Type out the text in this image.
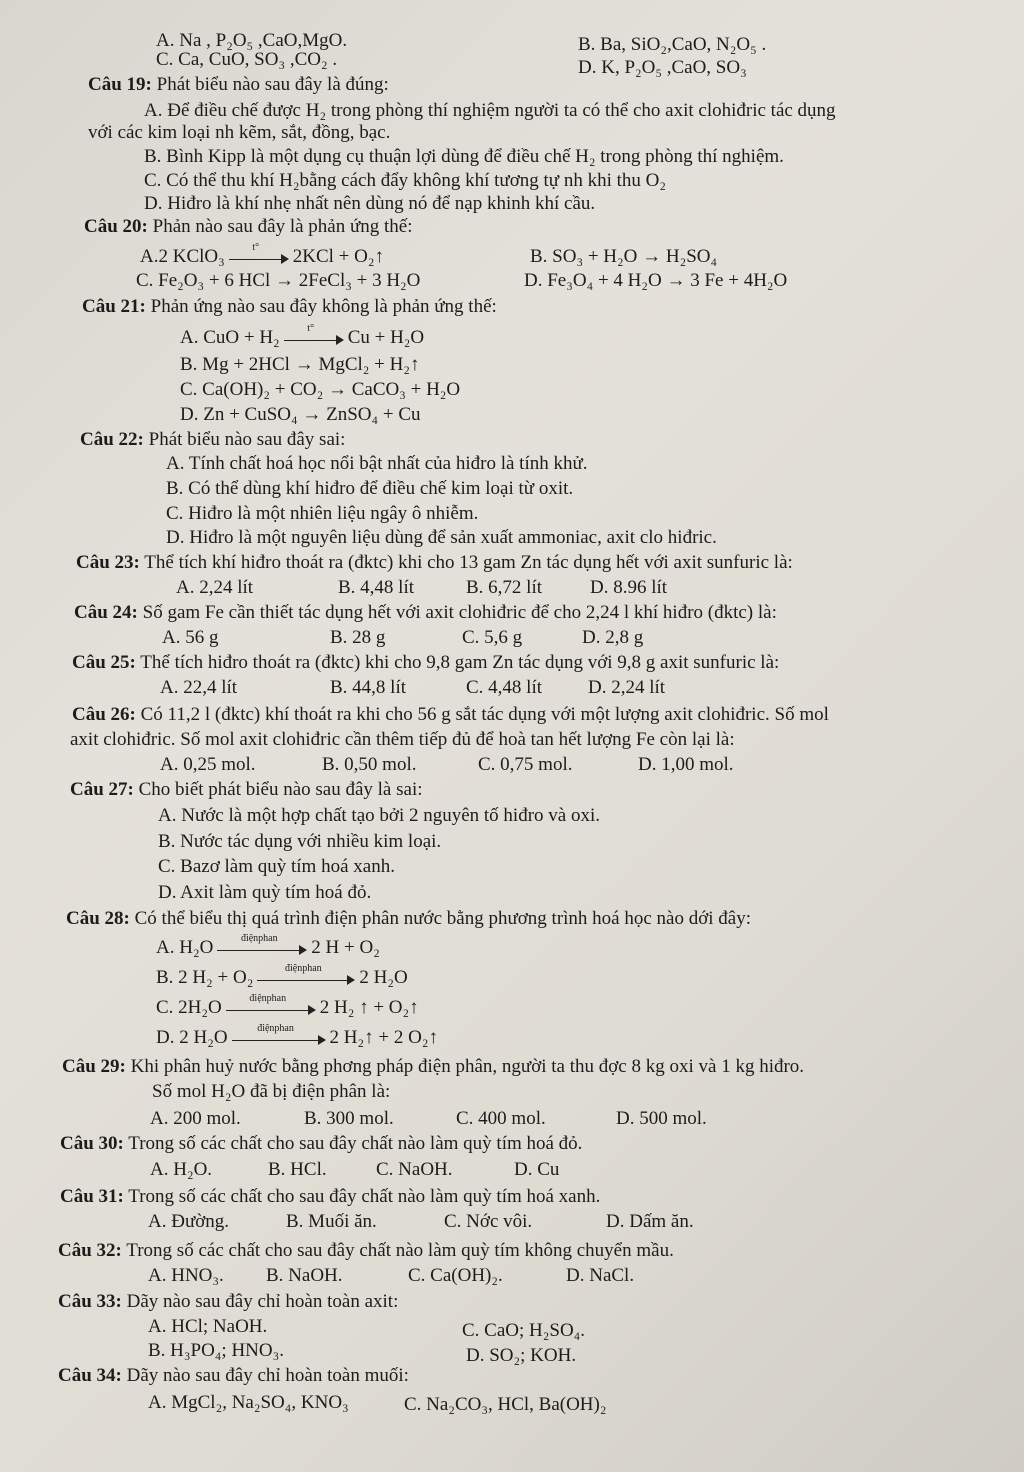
A. Na , P₂O₅ ,CaO,MgO.	B. Ba, SiO₂,CaO, N₂O₅ .
C. Ca, CuO, SO₃ ,CO₂ .	D. K, P₂O₅ ,CaO, SO₃
Câu 19: Phát biểu nào sau đây là đúng:
A. Để điều chế được H₂ trong phòng thí nghiệm người ta có thể cho axit clohiđric tác dụng
với các kim loại nh kẽm, sắt, đồng, bạc.
B. Bình Kipp là một dụng cụ thuận lợi dùng để điều chế H₂ trong phòng thí nghiệm.
C. Có thể thu khí H₂bằng cách đẩy không khí tương tự nh khi thu O₂
D. Hiđro là khí nhẹ nhất nên dùng nó để nạp khinh khí cầu.
Câu 20: Phản nào sau đây là phản ứng thế:
A.2 KClO₃	t°	2KCl + O₂↑	B. SO₃ + H₂O → H₂SO₄
C. Fe₂O₃ + 6 HCl → 2FeCl₃ + 3 H₂O	D. Fe₃O₄ + 4 H₂O → 3 Fe + 4H₂O
Câu 21: Phản ứng nào sau đây không là phản ứng thế:
A. CuO + H₂	t°	Cu + H₂O
B. Mg + 2HCl → MgCl₂ + H₂↑
C. Ca(OH)₂ + CO₂ → CaCO₃ + H₂O
D. Zn + CuSO₄ → ZnSO₄ + Cu
Câu 22: Phát biểu nào sau đây sai:
A. Tính chất hoá học nổi bật nhất của hiđro là tính khử.
B. Có thể dùng khí hiđro để điều chế kim loại từ oxit.
C. Hiđro là một nhiên liệu ngây ô nhiễm.
D. Hiđro là một nguyên liệu dùng để sản xuất ammoniac, axit clo hiđric.
Câu 23: Thể tích khí hiđro thoát ra (đktc) khi cho 13 gam Zn tác dụng hết với axit sunfuric là:
A. 2,24 lít	B. 4,48 lít	B. 6,72 lít	D. 8.96 lít
Câu 24: Số gam Fe cần thiết tác dụng hết với axit clohiđric để cho 2,24 l khí hiđro (đktc) là:
A. 56 g	B. 28 g	C. 5,6 g	D. 2,8 g
Câu 25: Thể tích hiđro thoát ra (đktc) khi cho 9,8 gam Zn tác dụng với 9,8 g axit sunfuric là:
A. 22,4 lít	B. 44,8 lít	C. 4,48 lít D. 2,24 lít
Câu 26: Có 11,2 l (đktc) khí thoát ra khi cho 56 g sắt tác dụng với một lượng axit clohiđric. Số mol
axit clohiđric. Số mol axit clohiđric cần thêm tiếp đủ để hoà tan hết lượng Fe còn lại là:
A. 0,25 mol.	B. 0,50 mol.	C. 0,75 mol.	D. 1,00 mol.
Câu 27: Cho biết phát biểu nào sau đây là sai:
A. Nước là một hợp chất tạo bởi 2 nguyên tố hiđro và oxi.
B. Nước tác dụng với nhiều kim loại.
C. Bazơ làm quỳ tím hoá xanh.
D. Axit làm quỳ tím hoá đỏ.
Câu 28: Có thể biểu thị quá trình điện phân nước bằng phương trình hoá học nào dới đây:
A. H₂O	điệnphan	2 H + O₂
B. 2 H₂ + O₂	điệnphan	2 H₂O
C. 2H₂O	điệnphan	2 H₂ ↑ + O₂↑
D. 2 H₂O	điệnphan	2 H₂↑ + 2 O₂↑
Câu 29: Khi phân huỷ nước bằng phơng pháp điện phân, người ta thu đợc 8 kg oxi và 1 kg hiđro.
Số mol H₂O đã bị điện phân là:
A. 200 mol.	B. 300 mol.	C. 400 mol.	D. 500 mol.
Câu 30: Trong số các chất cho sau đây chất nào làm quỳ tím hoá đỏ.
A. H₂O.	B. HCl.	C. NaOH.	D. Cu
Câu 31: Trong số các chất cho sau đây chất nào làm quỳ tím hoá xanh.
A. Đường.	B. Muối ăn.	C. Nớc vôi.	D. Dấm ăn.
Câu 32: Trong số các chất cho sau đây chất nào làm quỳ tím không chuyển mầu.
A. HNO₃. B. NaOH.	C. Ca(OH)₂.	D. NaCl.
Câu 33: Dãy nào sau đây chỉ hoàn toàn axit:
A. HCl; NaOH.	C. CaO; H₂SO₄.
B. H₃PO₄; HNO₃.	D. SO₂; KOH.
Câu 34: Dãy nào sau đây chỉ hoàn toàn muối:
A. MgCl₂, Na₂SO₄, KNO₃	C. Na₂CO₃, HCl, Ba(OH)₂
